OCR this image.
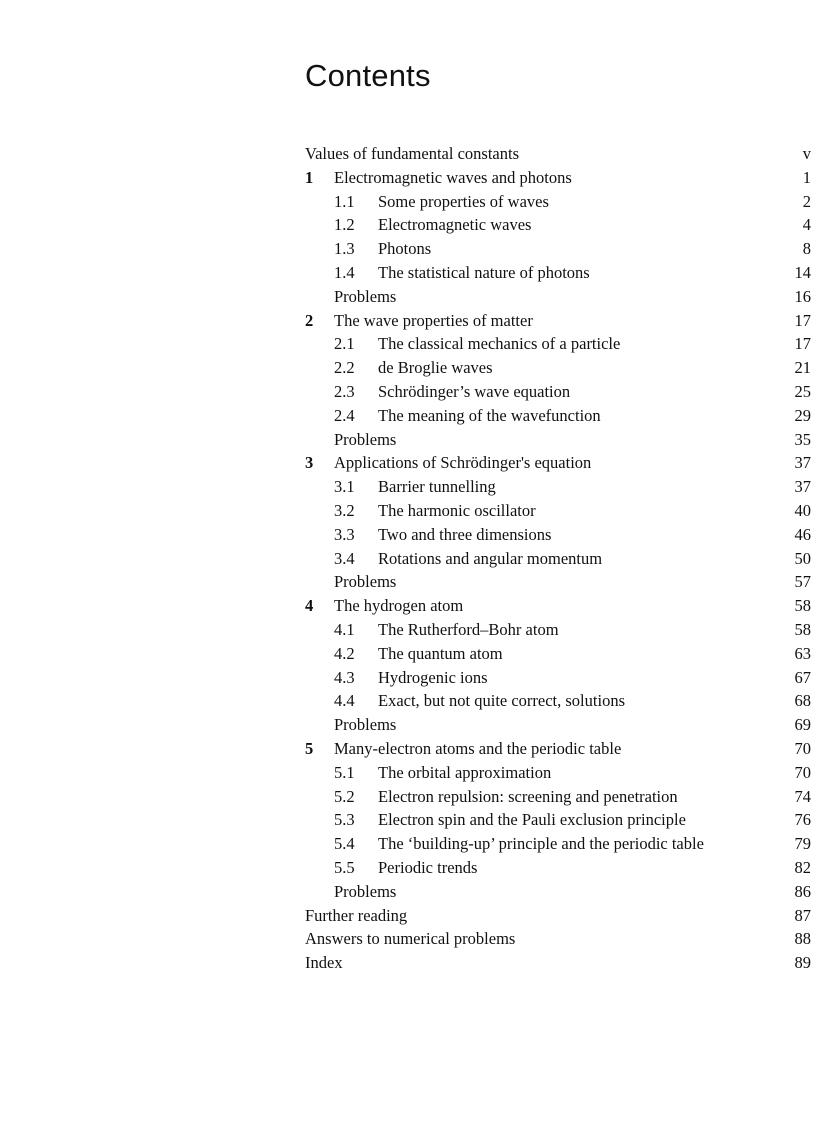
Contents
Values of fundamental constants	v
1 Electromagnetic waves and photons	1
1.1 Some properties of waves	2
1.2 Electromagnetic waves	4
1.3 Photons	8
1.4 The statistical nature of photons	14
Problems	16
2 The wave properties of matter	17
2.1 The classical mechanics of a particle	17
2.2 de Broglie waves	21
2.3 Schrödinger’s wave equation	25
2.4 The meaning of the wavefunction	29
Problems	35
3 Applications of Schrödinger's equation	37
3.1 Barrier tunnelling	37
3.2 The harmonic oscillator	40
3.3 Two and three dimensions	46
3.4 Rotations and angular momentum	50
Problems	57
4 The hydrogen atom	58
4.1 The Rutherford–Bohr atom	58
4.2 The quantum atom	63
4.3 Hydrogenic ions	67
4.4 Exact, but not quite correct, solutions	68
Problems	69
5 Many-electron atoms and the periodic table	70
5.1 The orbital approximation	70
5.2 Electron repulsion: screening and penetration	74
5.3 Electron spin and the Pauli exclusion principle	76
5.4 The ‘building-up’ principle and the periodic table	79
5.5 Periodic trends	82
Problems	86
Further reading	87
Answers to numerical problems	88
Index	89
